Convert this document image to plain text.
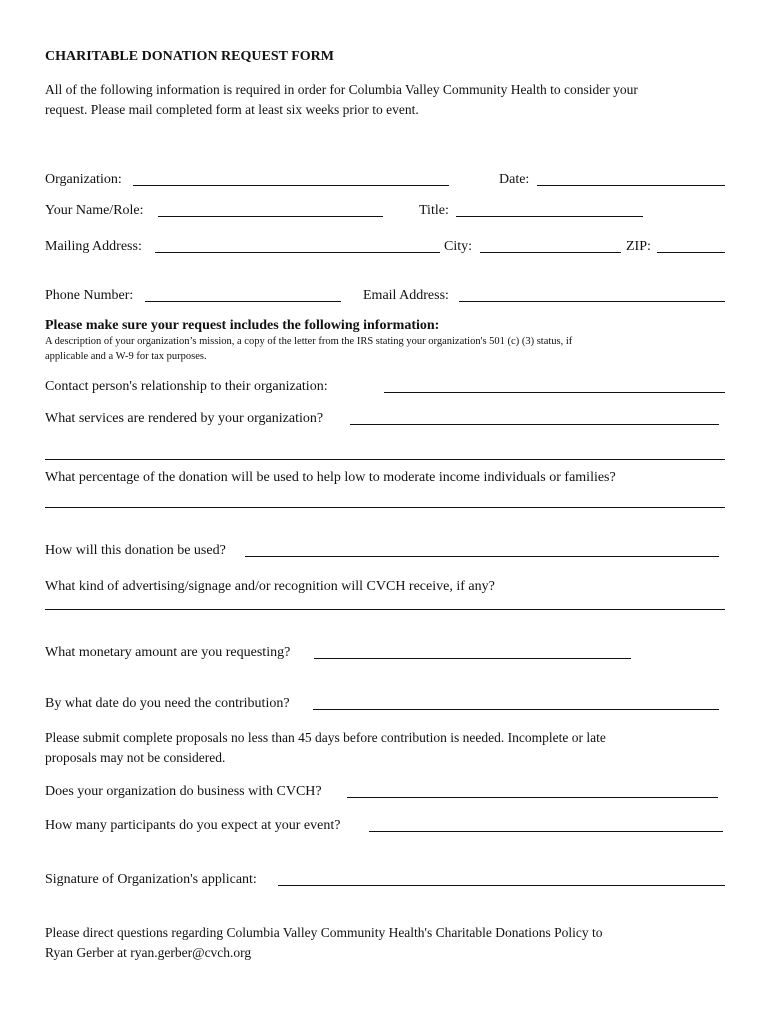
CHARITABLE DONATION REQUEST FORM
All of the following information is required in order for Columbia Valley Community Health to consider your
request. Please mail completed form at least six weeks prior to event.
Organization:	Date:
Your Name/Role:	Title:
Mailing Address:	City:	ZIP:
Phone Number:	Email Address:
Please make sure your request includes the following information:
A description of your organization’s mission, a copy of the letter from the IRS stating your organization's 501 (c) (3) status, if
applicable and a W-9 for tax purposes.
Contact person's relationship to their organization:
What services are rendered by your organization?
What percentage of the donation will be used to help low to moderate income individuals or families?
How will this donation be used?
What kind of advertising/signage and/or recognition will CVCH receive, if any?
What monetary amount are you requesting?
By what date do you need the contribution?
Please submit complete proposals no less than 45 days before contribution is needed. Incomplete or late
proposals may not be considered.
Does your organization do business with CVCH?
How many participants do you expect at your event?
Signature of Organization's applicant:
Please direct questions regarding Columbia Valley Community Health's Charitable Donations Policy to
Ryan Gerber at ryan.gerber@cvch.org
